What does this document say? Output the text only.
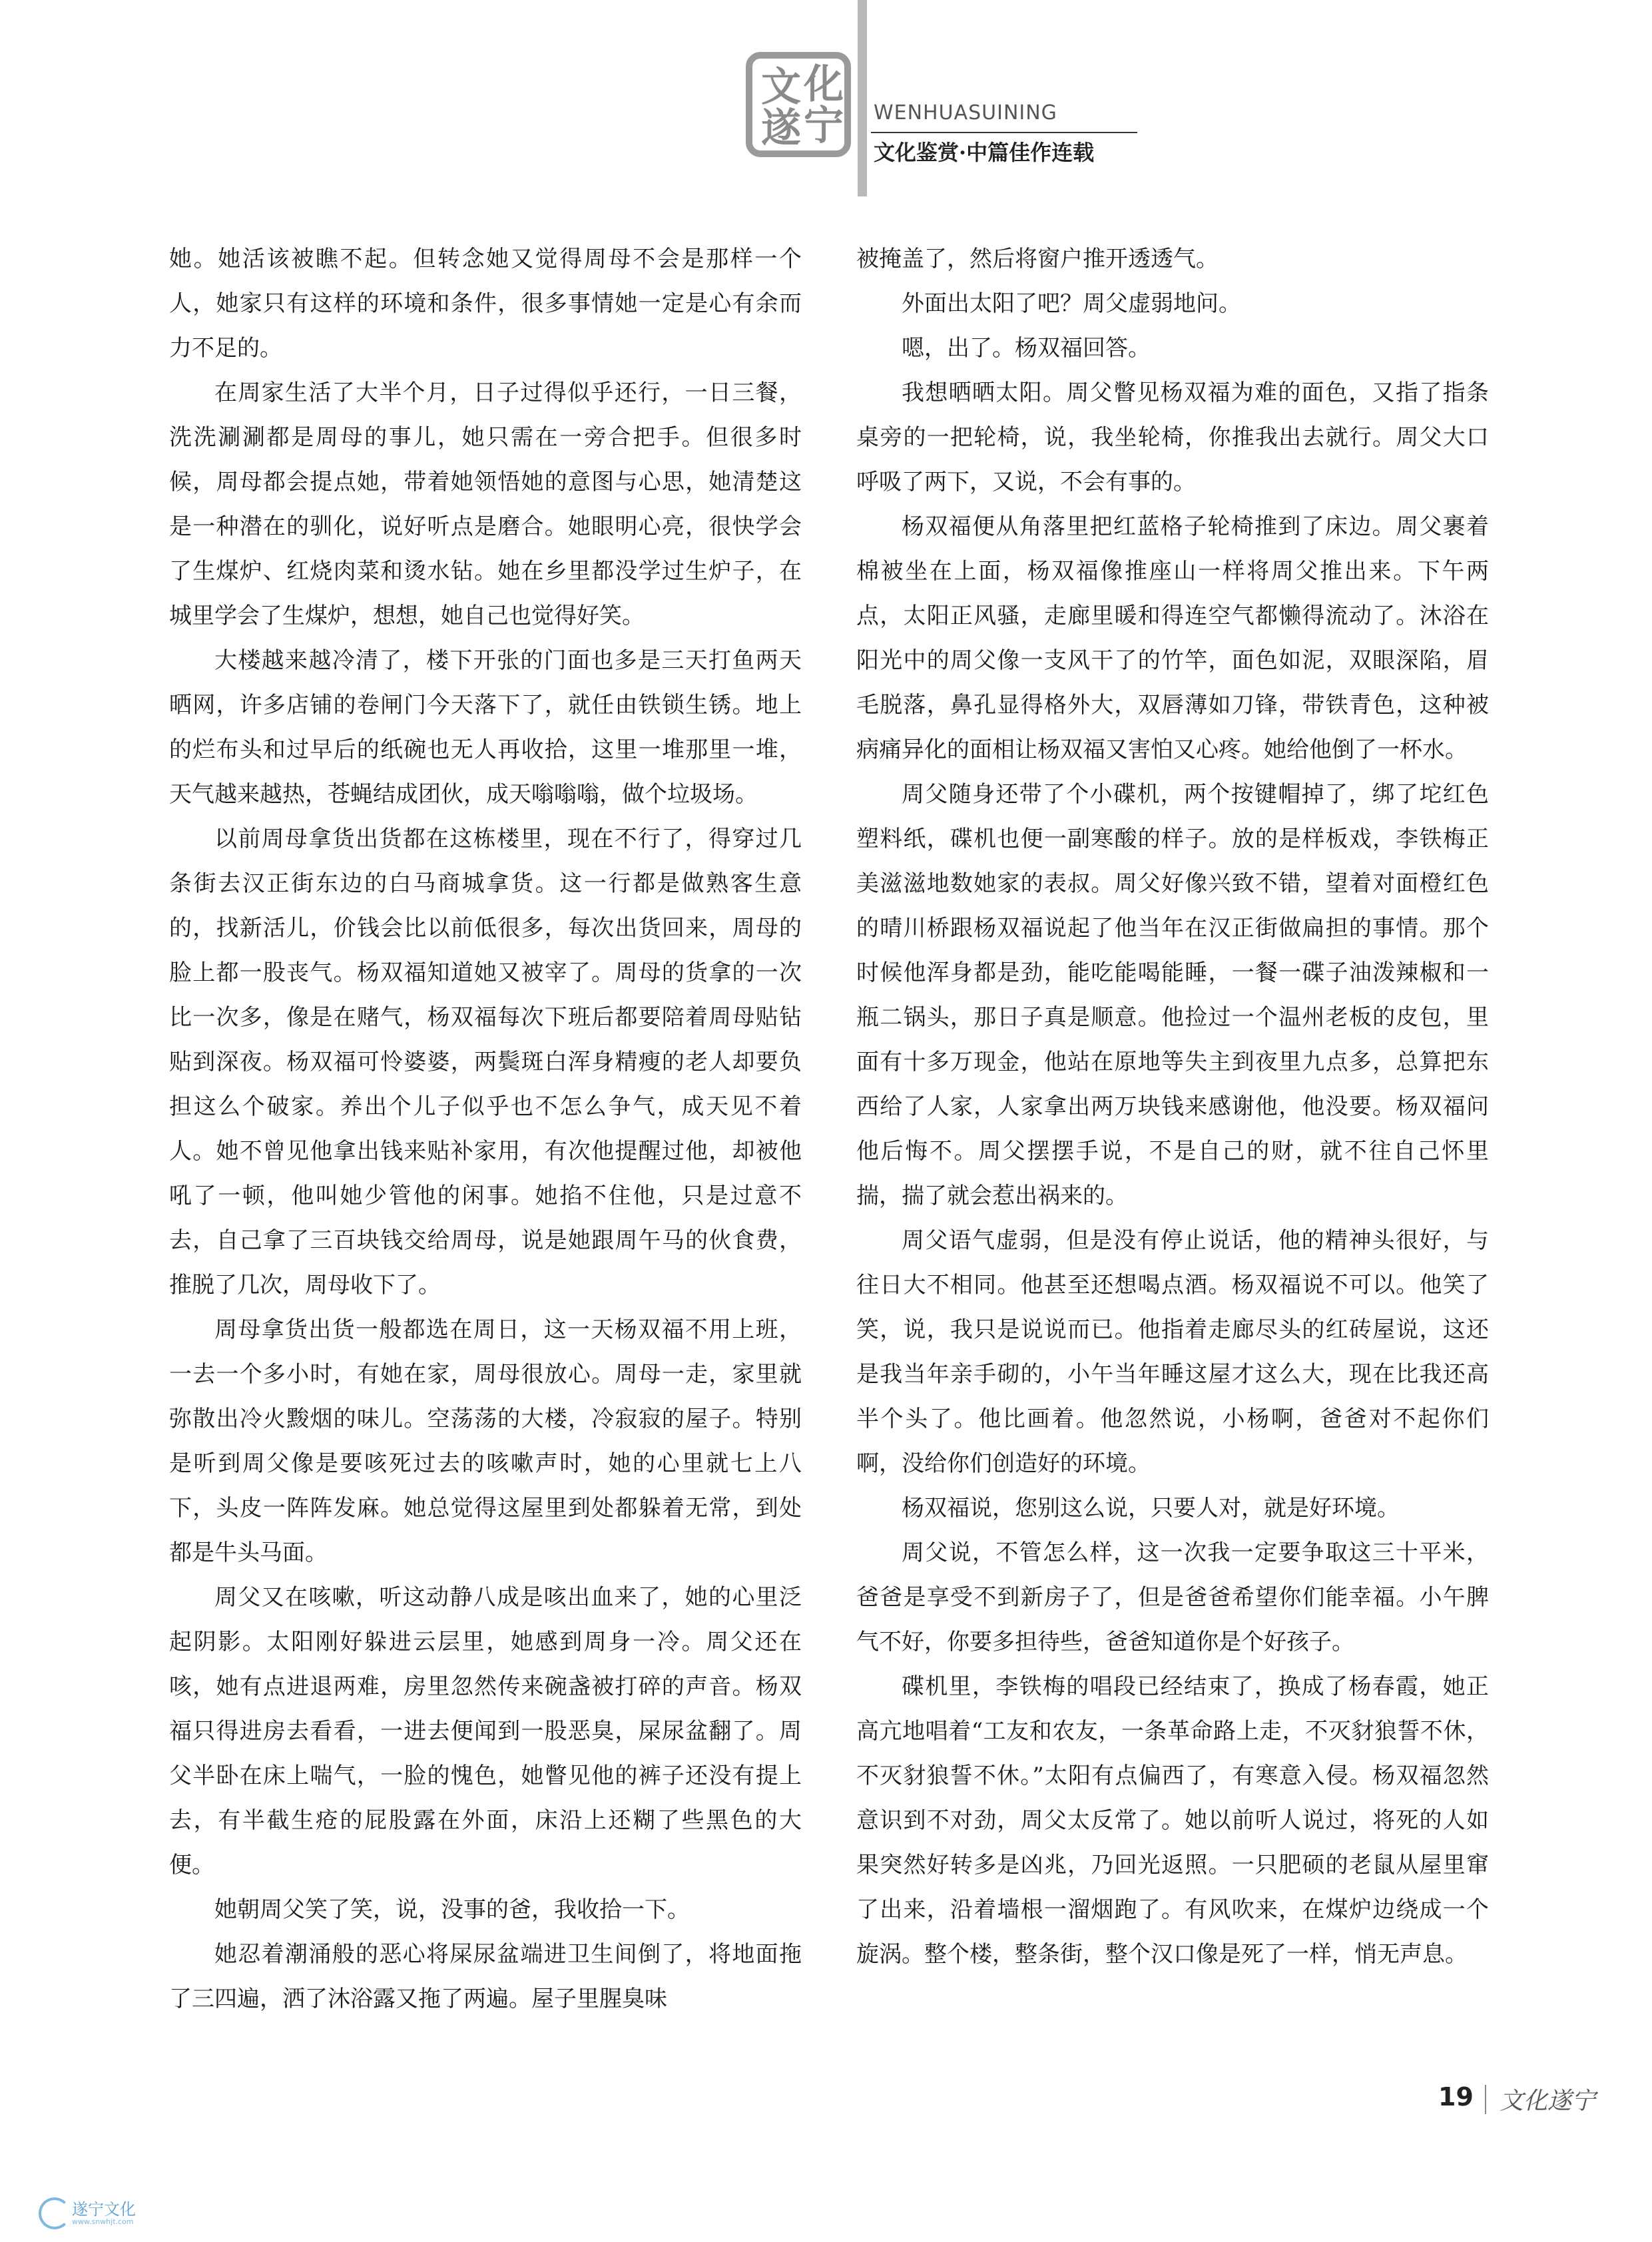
文 化
遂 宁 WENHUASUINING
文化鉴赏·中篇佳作连载

她。她活该被瞧不起。但转念她又觉得周母不会是那样一个人，她家只有这样的环境和条件，很多事情她一定是心有余而力不足的。

在周家生活了大半个月，日子过得似乎还行，一日三餐，洗洗涮涮都是周母的事儿，她只需在一旁合把手。但很多时候，周母都会提点她，带着她领悟她的意图与心思，她清楚这是一种潜在的驯化，说好听点是磨合。她眼明心亮，很快学会了生煤炉、红烧肉菜和烫水钻。她在乡里都没学过生炉子，在城里学会了生煤炉，想想，她自己也觉得好笑。

大楼越来越冷清了，楼下开张的门面也多是三天打鱼两天晒网，许多店铺的卷闸门今天落下了，就任由铁锁生锈。地上的烂布头和过早后的纸碗也无人再收拾，这里一堆那里一堆，天气越来越热，苍蝇结成团伙，成天嗡嗡嗡，做个垃圾场。

以前周母拿货出货都在这栋楼里，现在不行了，得穿过几条街去汉正街东边的白马商城拿货。这一行都是做熟客生意的，找新活儿，价钱会比以前低很多，每次出货回来，周母的脸上都一股丧气。杨双福知道她又被宰了。周母的货拿的一次比一次多，像是在赌气，杨双福每次下班后都要陪着周母贴钻贴到深夜。杨双福可怜婆婆，两鬓斑白浑身精瘦的老人却要负担这么个破家。养出个儿子似乎也不怎么争气，成天见不着人。她不曾见他拿出钱来贴补家用，有次他提醒过他，却被他吼了一顿，他叫她少管他的闲事。她掐不住他，只是过意不去，自己拿了三百块钱交给周母，说是她跟周午马的伙食费，推脱了几次，周母收下了。

周母拿货出货一般都选在周日，这一天杨双福不用上班，一去一个多小时，有她在家，周母很放心。周母一走，家里就弥散出冷火黢烟的味儿。空荡荡的大楼，冷寂寂的屋子。特别是听到周父像是要咳死过去的咳嗽声时，她的心里就七上八下，头皮一阵阵发麻。她总觉得这屋里到处都躲着无常，到处都是牛头马面。

周父又在咳嗽，听这动静八成是咳出血来了，她的心里泛起阴影。太阳刚好躲进云层里，她感到周身一冷。周父还在咳，她有点进退两难，房里忽然传来碗盏被打碎的声音。杨双福只得进房去看看，一进去便闻到一股恶臭，屎尿盆翻了。周父半卧在床上喘气，一脸的愧色，她瞥见他的裤子还没有提上去，有半截生疮的屁股露在外面，床沿上还糊了些黑色的大便。

她朝周父笑了笑，说，没事的爸，我收拾一下。

她忍着潮涌般的恶心将屎尿盆端进卫生间倒了，将地面拖了三四遍，洒了沐浴露又拖了两遍。屋子里腥臭味

被掩盖了，然后将窗户推开透透气。

外面出太阳了吧？周父虚弱地问。

嗯，出了。杨双福回答。

我想晒晒太阳。周父瞥见杨双福为难的面色，又指了指条桌旁的一把轮椅，说，我坐轮椅，你推我出去就行。周父大口呼吸了两下，又说，不会有事的。

杨双福便从角落里把红蓝格子轮椅推到了床边。周父裹着棉被坐在上面，杨双福像推座山一样将周父推出来。下午两点，太阳正风骚，走廊里暖和得连空气都懒得流动了。沐浴在阳光中的周父像一支风干了的竹竿，面色如泥，双眼深陷，眉毛脱落，鼻孔显得格外大，双唇薄如刀锋，带铁青色，这种被病痛异化的面相让杨双福又害怕又心疼。她给他倒了一杯水。

周父随身还带了个小碟机，两个按键帽掉了，绑了坨红色塑料纸，碟机也便一副寒酸的样子。放的是样板戏，李铁梅正美滋滋地数她家的表叔。周父好像兴致不错，望着对面橙红色的晴川桥跟杨双福说起了他当年在汉正街做扁担的事情。那个时候他浑身都是劲，能吃能喝能睡，一餐一碟子油泼辣椒和一瓶二锅头，那日子真是顺意。他捡过一个温州老板的皮包，里面有十多万现金，他站在原地等失主到夜里九点多，总算把东西给了人家，人家拿出两万块钱来感谢他，他没要。杨双福问他后悔不。周父摆摆手说，不是自己的财，就不往自己怀里揣，揣了就会惹出祸来的。

周父语气虚弱，但是没有停止说话，他的精神头很好，与往日大不相同。他甚至还想喝点酒。杨双福说不可以。他笑了笑，说，我只是说说而已。他指着走廊尽头的红砖屋说，这还是我当年亲手砌的，小午当年睡这屋才这么大，现在比我还高半个头了。他比画着。他忽然说，小杨啊，爸爸对不起你们啊，没给你们创造好的环境。

杨双福说，您别这么说，只要人对，就是好环境。

周父说，不管怎么样，这一次我一定要争取这三十平米，爸爸是享受不到新房子了，但是爸爸希望你们能幸福。小午脾气不好，你要多担待些，爸爸知道你是个好孩子。

碟机里，李铁梅的唱段已经结束了，换成了杨春霞，她正高亢地唱着“工友和农友，一条革命路上走，不灭豺狼誓不休，不灭豺狼誓不休。”太阳有点偏西了，有寒意入侵。杨双福忽然意识到不对劲，周父太反常了。她以前听人说过，将死的人如果突然好转多是凶兆，乃回光返照。一只肥硕的老鼠从屋里窜了出来，沿着墙根一溜烟跑了。有风吹来，在煤炉边绕成一个旋涡。整个楼，整条街，整个汉口像是死了一样，悄无声息。

19 文化遂宁
遂宁文化
www.snwhjt.com
